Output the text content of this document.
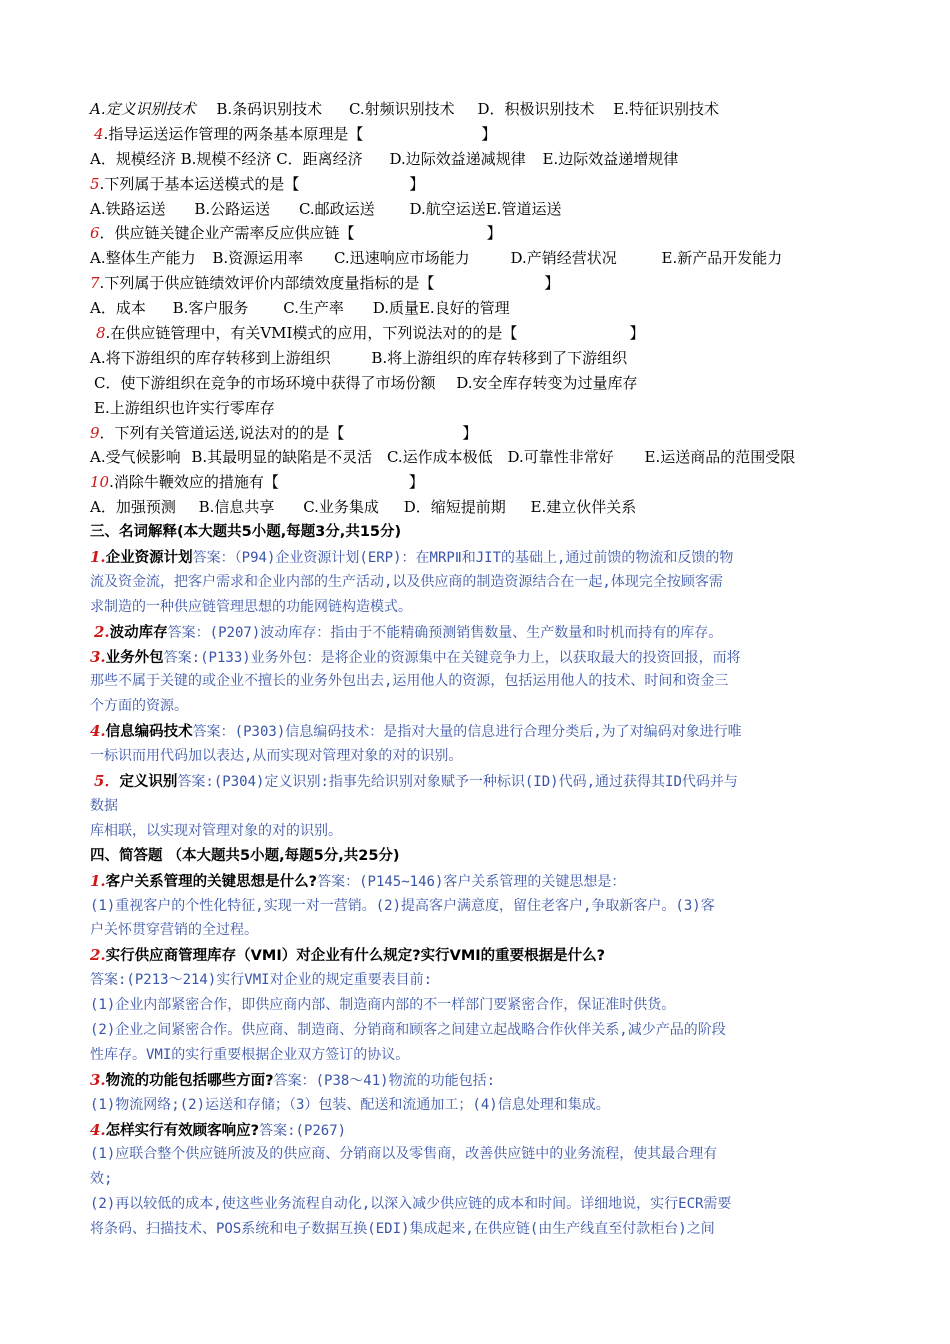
A.定义识别技术 B.条码识别技术 C.射频识别技术 D．积极识别技术 E.特征识别技术
4.指导运送运作管理的两条基本原理是【	】
A．规模经济 B.规模不经济 C．距离经济 D.边际效益递减规律 E.边际效益递增规律
5.下列属于基本运送模式的是【	】
A.铁路运送 B.公路运送 C.邮政运送 D.航空运送E.管道运送
6．供应链关键企业产需率反应供应链【	】
A.整体生产能力 B.资源运用率 C.迅速响应市场能力	D.产销经营状况	E.新产品开发能力
7.下列属于供应链绩效评价内部绩效度量指标的是【	】
A．成本 B.客户服务 C.生产率 D.质量E.良好的管理
8.在供应链管理中，有关VMI模式的应用，下列说法对的的是【	】
A.将下游组织的库存转移到上游组织	B.将上游组织的库存转移到了下游组织
C．使下游组织在竞争的市场环境中获得了市场份额 D.安全库存转变为过量库存
E.上游组织也许实行零库存
9．下列有关管道运送,说法对的的是【	】
A.受气候影响 B.其最明显的缺陷是不灵活 C.运作成本极低 D.可靠性非常好 E.运送商品的范围受限
10.消除牛鞭效应的措施有【	】
A．加强预测 B.信息共享 C.业务集成 D．缩短提前期 E.建立伙伴关系
三、名词解释(本大题共5小题,每题3分,共15分)
1.企业资源计划答案：（P94)企业资源计划(ERP)：在MRPⅡ和JIT的基础上,通过前馈的物流和反馈的物
流及资金流，把客户需求和企业内部的生产活动,以及供应商的制造资源结合在一起,体现完全按顾客需
求制造的一种供应链管理思想的功能网链构造模式。
2.波动库存答案：(P207)波动库存：指由于不能精确预测销售数量、生产数量和时机而持有的库存。
3.业务外包答案:(P133)业务外包：是将企业的资源集中在关键竞争力上，以获取最大的投资回报，而将
那些不属于关键的或企业不擅长的业务外包出去,运用他人的资源，包括运用他人的技术、时间和资金三
个方面的资源。
4.信息编码技术答案：(P303)信息编码技术：是指对大量的信息进行合理分类后,为了对编码对象进行唯
一标识而用代码加以表达,从而实现对管理对象的对的识别。
5．定义识别答案:(P304)定义识别:指事先给识别对象赋予一种标识(ID)代码,通过获得其ID代码并与
数据
库相联，以实现对管理对象的对的识别。
四、简答题 （本大题共5小题,每题5分,共25分)
1.客户关系管理的关键思想是什么?答案：(P145~146)客户关系管理的关键思想是：
(1)重视客户的个性化特征,实现一对一营销。(2)提高客户满意度，留住老客户,争取新客户。(3)客
户关怀贯穿营销的全过程。
2.实行供应商管理库存（VMI）对企业有什么规定?实行VMI的重要根据是什么?
答案:(P213～214)实行VMI对企业的规定重要表目前:
(1)企业内部紧密合作，即供应商内部、制造商内部的不一样部门要紧密合作，保证准时供货。
(2)企业之间紧密合作。供应商、制造商、分销商和顾客之间建立起战略合作伙伴关系,减少产品的阶段
性库存。VMI的实行重要根据企业双方签订的协议。
3.物流的功能包括哪些方面?答案：(P38～41)物流的功能包括:
(1)物流网络;(2)运送和存储；（3）包装、配送和流通加工；(4)信息处理和集成。
4.怎样实行有效顾客响应?答案:(P267)
(1)应联合整个供应链所波及的供应商、分销商以及零售商，改善供应链中的业务流程，使其最合理有
效;
(2)再以较低的成本,使这些业务流程自动化,以深入减少供应链的成本和时间。详细地说，实行ECR需要
将条码、扫描技术、POS系统和电子数据互换(EDI)集成起来,在供应链(由生产线直至付款柜台)之间
